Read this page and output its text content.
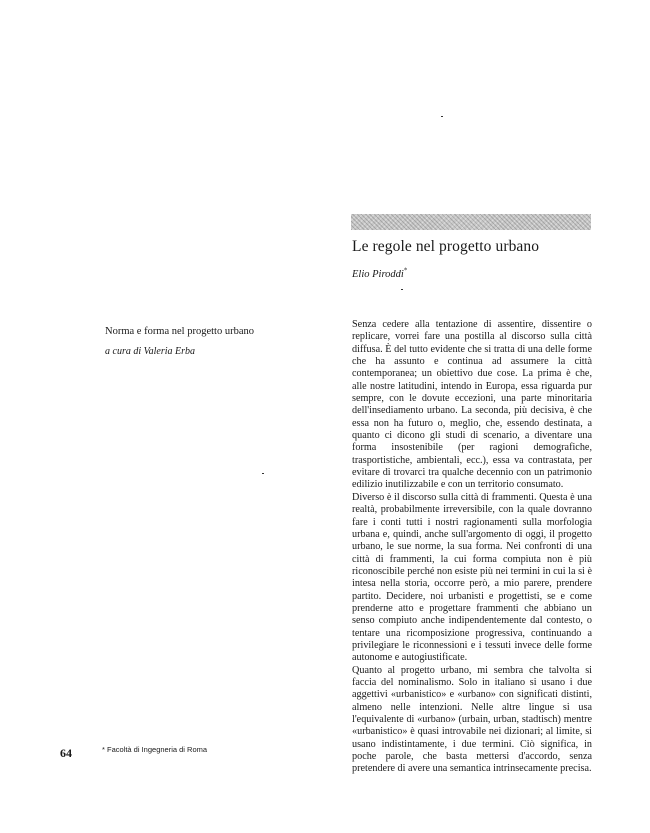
Le regole nel progetto urbano

Elio Piroddi*

Norma e forma nel progetto urbano

a cura di Valeria Erba

Senza cedere alla tentazione di assentire, dissentire o replicare, vorrei fare una postilla al discorso sulla città diffusa. È del tutto evidente che si tratta di una delle forme che ha assunto e continua ad assumere la città contemporanea; un obiettivo due cose. La prima è che, alle nostre latitudini, intendo in Europa, essa riguarda pur sempre, con le dovute eccezioni, una parte minoritaria dell'insediamento urbano. La seconda, più decisiva, è che essa non ha futuro o, meglio, che, essendo destinata, a quanto ci dicono gli studi di scenario, a diventare una forma insostenibile (per ragioni demografiche, trasportistiche, ambientali, ecc.), essa va contrastata, per evitare di trovarci tra qualche decennio con un patrimonio edilizio inutilizzabile e con un territorio consumato.

Diverso è il discorso sulla città di frammenti. Questa è una realtà, probabilmente irreversibile, con la quale dovranno fare i conti tutti i nostri ragionamenti sulla morfologia urbana e, quindi, anche sull'argomento di oggi, il progetto urbano, le sue norme, la sua forma. Nei confronti di una città di frammenti, la cui forma compiuta non è più riconoscibile perché non esiste più nei termini in cui la si è intesa nella storia, occorre però, a mio parere, prendere partito. Decidere, noi urbanisti e progettisti, se e come prenderne atto e progettare frammenti che abbiano un senso compiuto anche indipendentemente dal contesto, o tentare una ricomposizione progressiva, continuando a privilegiare le riconnessioni e i tessuti invece delle forme autonome e autogiustificate.

Quanto al progetto urbano, mi sembra che talvolta si faccia del nominalismo. Solo in italiano si usano i due aggettivi «urbanistico» e «urbano» con significati distinti, almeno nelle intenzioni. Nelle altre lingue si usa l'equivalente di «urbano» (urbain, urban, stadtisch) mentre «urbanistico» è quasi introvabile nei dizionari; al limite, si usano indistintamente, i due termini. Ciò significa, in poche parole, che basta mettersi d'accordo, senza pretendere di avere una semantica intrinsecamente precisa.

64	* Facoltà di Ingegneria di Roma
